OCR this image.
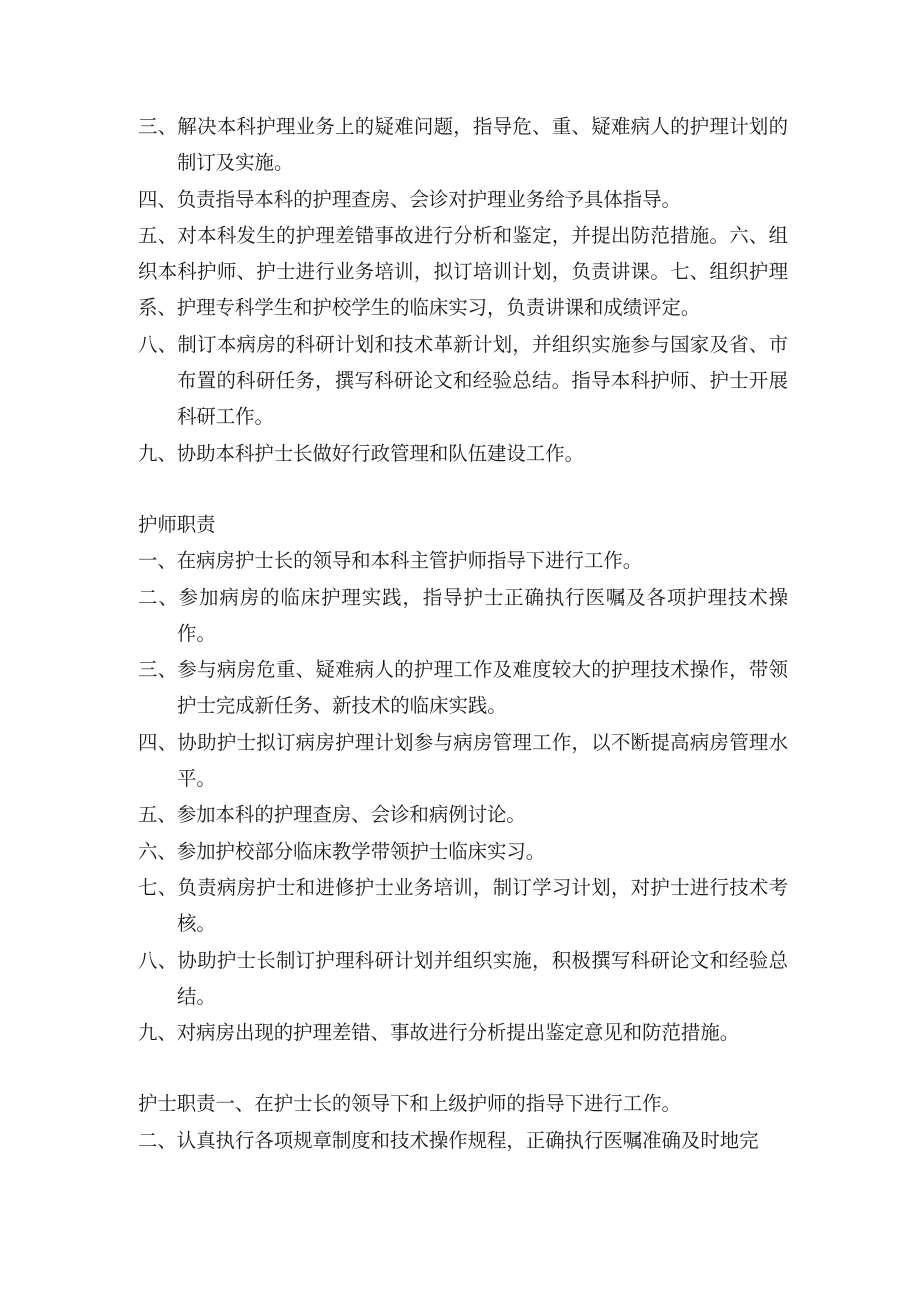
三、解决本科护理业务上的疑难问题，指导危、重、疑难病人的护理计划的制订及实施。

四、负责指导本科的护理查房、会诊对护理业务给予具体指导。

五、对本科发生的护理差错事故进行分析和鉴定，并提出防范措施。六、组织本科护师、护士进行业务培训，拟订培训计划，负责讲课。七、组织护理系、护理专科学生和护校学生的临床实习，负责讲课和成绩评定。

八、制订本病房的科研计划和技术革新计划，并组织实施参与国家及省、市布置的科研任务，撰写科研论文和经验总结。指导本科护师、护士开展科研工作。

九、协助本科护士长做好行政管理和队伍建设工作。

护师职责

一、在病房护士长的领导和本科主管护师指导下进行工作。

二、参加病房的临床护理实践，指导护士正确执行医嘱及各项护理技术操作。

三、参与病房危重、疑难病人的护理工作及难度较大的护理技术操作，带领护士完成新任务、新技术的临床实践。

四、协助护士拟订病房护理计划参与病房管理工作，以不断提高病房管理水平。

五、参加本科的护理查房、会诊和病例讨论。

六、参加护校部分临床教学带领护士临床实习。

七、负责病房护士和进修护士业务培训，制订学习计划，对护士进行技术考核。

八、协助护士长制订护理科研计划并组织实施，积极撰写科研论文和经验总结。

九、对病房出现的护理差错、事故进行分析提出鉴定意见和防范措施。

护士职责一、在护士长的领导下和上级护师的指导下进行工作。

二、认真执行各项规章制度和技术操作规程，正确执行医嘱准确及时地完
